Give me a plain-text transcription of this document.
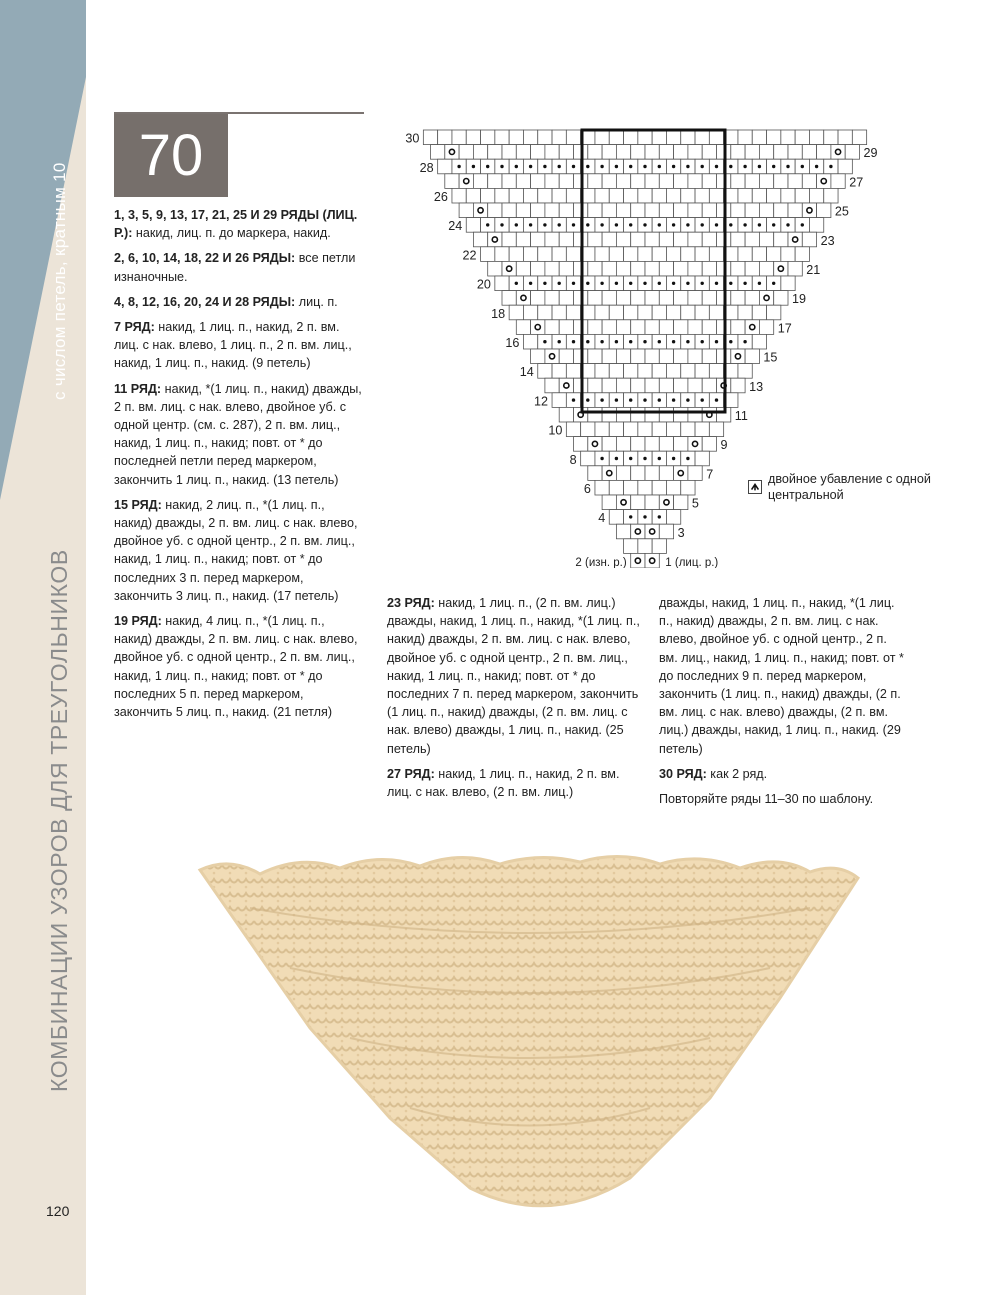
с числом петель, кратным 10
КОМБИНАЦИИ УЗОРОВ ДЛЯ ТРЕУГОЛЬНИКОВ
120
70

1, 3, 5, 9, 13, 17, 21, 25 И 29 РЯДЫ (ЛИЦ. Р.): накид, лиц. п. до маркера, накид.

2, 6, 10, 14, 18, 22 И 26 РЯДЫ: все петли изнаночные.

4, 8, 12, 16, 20, 24 И 28 РЯДЫ: лиц. п.

7 РЯД: накид, 1 лиц. п., накид, 2 п. вм. лиц. с нак. влево, 1 лиц. п., 2 п. вм. лиц., накид, 1 лиц. п., накид. (9 петель)

11 РЯД: накид, *(1 лиц. п., накид) дважды, 2 п. вм. лиц. с нак. влево, двойное уб. с одной центр. (см. с. 287), 2 п. вм. лиц., накид, 1 лиц. п., накид; повт. от * до последней петли перед маркером, закончить 1 лиц. п., накид. (13 петель)

15 РЯД: накид, 2 лиц. п., *(1 лиц. п., накид) дважды, 2 п. вм. лиц. с нак. влево, двойное уб. с одной центр., 2 п. вм. лиц., накид, 1 лиц. п., накид; повт. от * до последних 3 п. перед маркером, закончить 3 лиц. п., накид. (17 петель)

19 РЯД: накид, 4 лиц. п., *(1 лиц. п., накид) дважды, 2 п. вм. лиц. с нак. влево, двойное уб. с одной центр., 2 п. вм. лиц., накид, 1 лиц. п., накид; повт. от * до последних 5 п. перед маркером, закончить 5 лиц. п., накид. (21 петля)

23 РЯД: накид, 1 лиц. п., (2 п. вм. лиц.) дважды, накид, 1 лиц. п., накид, *(1 лиц. п., накид) дважды, 2 п. вм. лиц. с нак. влево, двойное уб. с одной центр., 2 п. вм. лиц., накид, 1 лиц. п., накид; повт. от * до последних 7 п. перед маркером, закончить (1 лиц. п., накид) дважды, (2 п. вм. лиц. с нак. влево) дважды, 1 лиц. п., накид. (25 петель)

27 РЯД: накид, 1 лиц. п., накид, 2 п. вм. лиц. с нак. влево, (2 п. вм. лиц.)

дважды, накид, 1 лиц. п., накид, *(1 лиц. п., накид) дважды, 2 п. вм. лиц. с нак. влево, двойное уб. с одной центр., 2 п. вм. лиц., накид, 1 лиц. п., накид; повт. от * до последних 9 п. перед маркером, закончить (1 лиц. п., накид) дважды, (2 п. вм. лиц. с нак. влево) дважды, (2 п. вм. лиц.) дважды, накид, 1 лиц. п., накид. (29 петель)

30 РЯД: как 2 ряд.

Повторяйте ряды 11–30 по шаблону.

30
29
28
27
26
25
24
23
22
21
20
19
18
17
16
15
14
13
12
11
10
9
8
7
6
5
4
3
2 (изн. р.)	1 (лиц. р.)
двойное убавление с одной центральной
